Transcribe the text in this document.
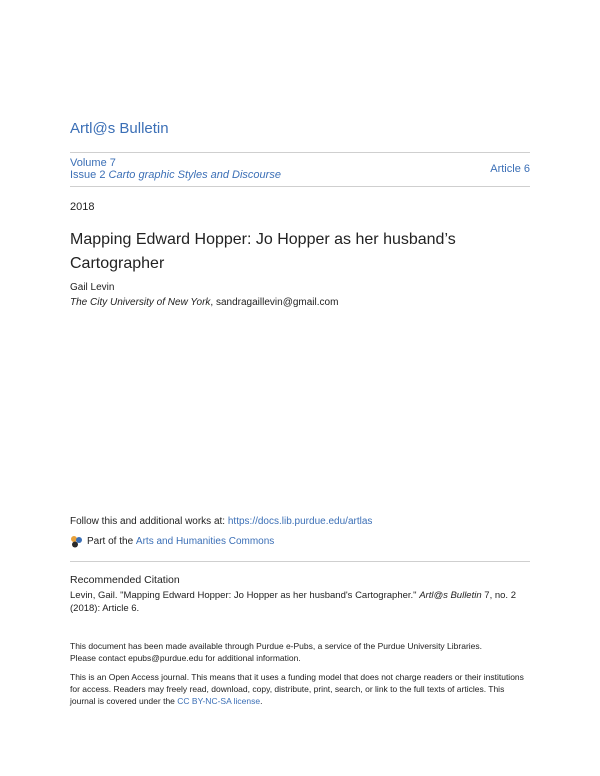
Artl@s Bulletin
Volume 7
Issue 2 Carto graphic Styles and Discourse	Article 6
2018
Mapping Edward Hopper: Jo Hopper as her husband’s Cartographer
Gail Levin
The City University of New York, sandragaillevin@gmail.com
Follow this and additional works at: https://docs.lib.purdue.edu/artlas
Part of the
Arts and Humanities Commons
Recommended Citation
Levin, Gail. "Mapping Edward Hopper: Jo Hopper as her husband's Cartographer." Artl@s Bulletin 7, no. 2 (2018): Article 6.
This document has been made available through Purdue e-Pubs, a service of the Purdue University Libraries.
Please contact epubs@purdue.edu for additional information.
This is an Open Access journal. This means that it uses a funding model that does not charge readers or their institutions for access. Readers may freely read, download, copy, distribute, print, search, or link to the full texts of articles. This journal is covered under the CC BY-NC-SA license.
